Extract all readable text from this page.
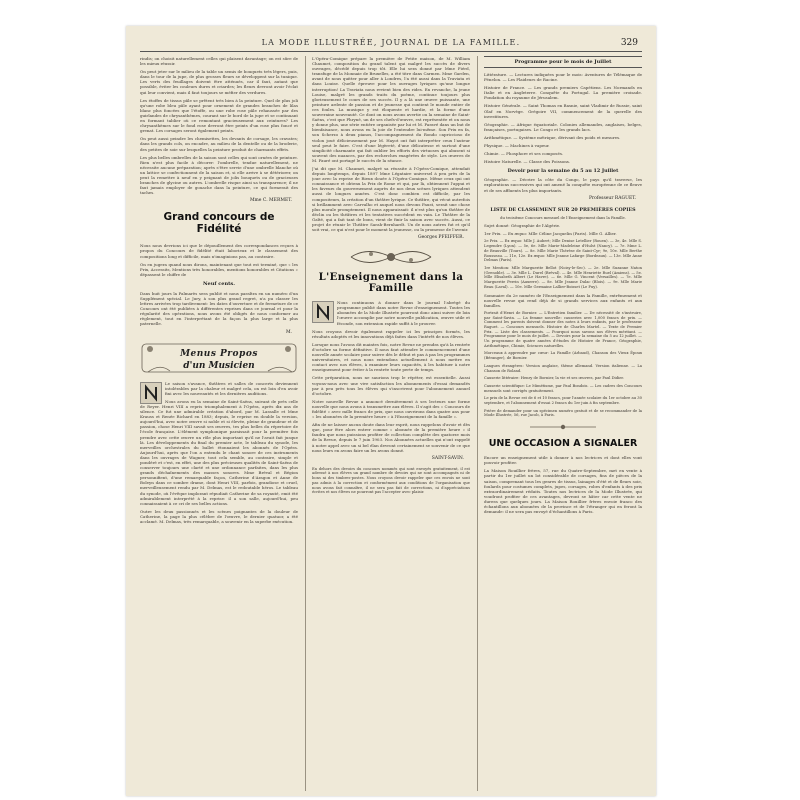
LA MODE ILLUSTRÉE, JOURNAL DE LA FAMILLE.	329

rindis; on choisit naturellement celles qui plaisent davantage; on est sûre de les mieux réussir.

On peut jeter sur le milieu de la table un semis de bouquets très légers, puis, dans le tour de la jupe, de plus grosses fleurs se développent sur la tunique. Les verts des feuillages doivent être atténués, car il faut, autant que possible, éviter les couleurs dures et criardes; les fleurs devront avoir l'éclat qui leur convient, mais il faut toujours se méfier des verdures.

Les étoffes de tissus pâle se prêtent très bien à la peinture. Quel de plus joli qu'une robe bleu pâle ayant pour ornement de grandes branches de lilas blanc plus foncées que l'étoffe, ou une robe rose pâle rehaussée par des guirlandes de chrysanthèmes, courant sur le bord de la jupe et se continuant en formant tablier où ce remontant gracieusement aux ceintures? Les chrysanthèmes sur le fond rose devront être peints d'un rose plus foncé et grenat. Les corsages seront également peints.

On peut aussi peindre les chemisettes, les devants de corsage, les cravates; dans les grands cols, on encadre, au milieu de la dentelle ou de la broderie, des petites de soie sur lesquelles la peinture produit de charmants effets.

Les plus belles ombrelles de la saison sont celles qui sont ornées de peinture. Rien n'est plus facile à décorer: l'ombrelle, tendue naturellement, ne nécessite aucune préparation; après s'être servie d'une ombrelle blanche où un lattice se confectionnent de la saison et, si elle arrive à se détériorer, on peut la remettre à neuf en y peignant de jolis bouquets ou de gracieuses branches de glycine ou autres. L'ombrelle risque ainsi sa transparence; il ne faut jamais employer de gouache dans la peinture, ce qui formerait des taches.

Mme C. MERMET.
Grand concours de Fidélité

Nous nous devrions ici que le dépouillement des correspondances reçues à propos du Concours de fidélité était laborieux et le classement des compositions long et difficile, mais n'imaginions pas, au contraire.

On en jugera quand nous dirons, maintenant que tout est terminé, que « les Prix, Accessits, Mentions très honorables, mentions honorables et Citations » dépassent le chiffre de

Neuf cents.

Dans huit jours la Palmarès sera publié et nous paraîtra en un numéro d'un Supplément spécial. Le Jury, à son plus grand regret, n'a pu classer les lettres arrivées trop tardivement: les dates d'ouverture et de fermeture de ce Concours ont été publiées à différentes reprises dans ce journal et pour la régularité des opérations, nous avons été obligés de nous conformer au règlement, tout en l'interprétant de la façon la plus large et la plus paternelle.

M.
Menus Propos
d'un Musicien

Le saison s'avance, théâtres et salles de concerts deviennent intolérables par la chaleur et malgré cela, on est loin d'en avoir fini avec les nouveautés et les dernières auditions.

Nous avons eu la semaine de Saint-Saëns, suivant de près celle de Reyer. Henri VIII a repris triomphalement à l'Opéra, après dix ans de silence. Ce fut une admirable création d'abord, par M. Lassalle et Mme Krauss et Renée Richard en 1883; depuis, le reprise en double la version, aujourd'hui, avec notre œuvre si noble et si élevée, pleine de grandeur et de passion, chose Henri VIII savait ses œuvres, tes plus belles du répertoire de l'école française. L'élément symphonique paraissait pour la première fois prendre avec cette œuvre un rôle plus important qu'il ne l'avait fait jusque là. Les développements du final du premier acte, le tableau du synode, les merveilles orchestrales du ballet étonnaient les abonnés de l'Opéra. Aujourd'hui, après que l'on a entendu le chant sonore de ces instruments dans les ouvrages de Wagner, tout cela semble, au contraire, simple et pondéré et c'est, en effet, une des plus précieuses qualités de Saint-Saëns de conserver toujours une clarté et une ordonnance parfaites, dans les plus grands déchaînements des masses sonores. Mme Bréval et Bégion personnifient, d'une remarquable façon, Catherine d'Aragon et Anne de Boleyn dans ce sombre drame, dont Henri VIII, parfois, grandiose et cruel, merveilleusement rendu par M. Delmas, est le redoutable héros. Le tableau du synode, où l'évêque implorant répudiait Catherine de sa royauté, emit été admirablement interprété à la reprise: il a son salle, aujourd'hui, peu connaissaient à ce cri de ses belles actions.

Outre les deux passionnés et les scènes poignantes de la douleur de Catherine, la page la plus célèbre de l'œuvre, le dernier quatuor, a été acclamé. M. Delmas, très remarquable, a souvenir en la superbe exécution.

L'Opéra-Comique prépare la première de Petite maison, de M. William Chaumet, composition du grand talent qui malgré les succès de divers ouvrages, décédé depuis trop tôt. Elle lui sera donné par Mme Fiérd, transfuge de la Monnaie de Bruxelles, a été titre dans Carmen. Mme Garden, avant de nous quitter pour aller à Londres, l'a été aussi dans la Traviata et dans Louise. Quelle épreuve pour les ouvrages lyriques qu'une longue interruption! La Traviata nous revient bien des rides. En revanche, la jeune Louise, malgré les grands traits du poème, continue toujours plus glorieusement le cours de ses succès. Il y a là une œuvre puissante, une peinture ardente de passion et de jeunesse qui contient le monde entier de ces foules. La musique y est éloquente et hardie, et la forme d'une souveraine nouveauté. Ce dont on nous avons avertie ou la semaine de Saint-Saëns, c'est que Phryné, un de ses chefs-d'œuvre, est représentée et on nous y donne plus, une série entière organisée par lui et M. Paravé dans un but de bienfaisance, nous avons eu la joie de l'entendre lui-même. Son Prix en fa, son Scherzo à deux pianos, l'accompagnement du Rondo capriccioso de violon joué délicieusement par M. Hayot ont fait interpréter ceux l'auteur seul peut le faire. C'est d'une légèreté, d'une délicatesse et surtout d'une simplicité charmante qui fait oublier les efforts des virtuoses qui abusent si souvent des nuances, par des recherches exagérées de style. Les œuvres de M. Fauré ont portagé le succès de la séance.

J'ai dit que M. Chaumet, malgré sa réussite à l'Opéra-Comique, attendait depuis longtemps, depuis 1897 Mme Légataire universel à peu près de la joue avec la reprise de Rieux douée à l'Opéra-Comique. Même ceux qui ont connaissance et obtenu la Prix de Rome et qui, par là, obtiennent l'appui et les faveurs du gouvernement auprès de nos deux scènes lyriques attendent aussi de longues années. C'est donc combien est difficile, par les compositeurs, la création d'un théâtre lyrique. Ce théâtre, qui vécut autrefois si brillamment avec Carvalho et auquel nous devons Faust, serait une chose plus morale promptement. Il nous apparaissait: il n'est plus qu'un théâtre de déclin ou les théâtres et les tentatives succèdent en vain. Le Théâtre de la Gaîté, qui a fait tant de bons, vient de finir la saison avec succès. Aussi, ce projet de réunir le Théâtre Sarah-Bernhardt. Un de nous autres fut et qu'il soit vrai, ce qui n'est pour le moment la jeunesse, ou la promesse de l'avenir.

Georges PFEIFFER.
L'Enseignement dans la Famille

Nous continuons à donner dans le journal l'abrégé du programme publié dans notre Revue d'enseignement. Toutes les abonnées de la Mode Illustrée pourront donc ainsi suivre de loin l'œuvre accomplie par notre nouvelle publication, œuvre utile et féconde, son extension rapide suffit à le prouver.

Nous croyons devoir également rappeler ici les principes formés, les résultats adoptés et les innovations déjà faites dans l'intérêt de nos élèves.

Lorsque nous l'avons dit maintes fois, notre Revue ne prendra qu'à la rentrée d'octobre sa forme définitive. Il nous faut attendre le commencement d'une nouvelle année scolaire pour suivre dès le début et pas à pas les programmes universitaires, et nous nous entendons actuellement à nous mettre en contact avec nos élèves, à examiner leurs capacités, à les habituer à notre enseignement pour éviter à la rentrée toute perte de temps.

Cette préparation, nous ne saurions trop le répéter, est essentielle. Aussi voyons-nous avec une vive satisfaction les abonnements d'essai demandés par à peu près tous les élèves qui s'inscrivent pour l'abonnement annuel d'octobre.

Notre nouvelle Revue a annoncé dernièrement à ses lecteurs une forme nouvelle que nous avons à transmettre aux élèves. Il s'agit des « Concours de fidélité » avec mille francs de prix, que nous ouvrirons dans quatre ans pour « les abonnées de la première heure » à l'Enseignement de la famille ».

Afin de ne laisser aucun doute dans leur esprit, nous rappelons d'avoir et dès que, pour être alors entrer comme « abonnée de la première heure » il faudra que nous puissions profiter de collection complète des quatorze mois de la Revue, depuis le 7 juin 1903. Nos Abonnées actuelles qui n'ont rappelé à notre appel avec un si bel élan devront certainement se souvenir de ce que nous leurs en avons faire un les avons donné.

SAINT-SAVIN.

En dehors des devoirs du concours nommés qui sont envoyés gratuitement, il est adressé à nos élèves un grand nombre de devoirs qui ne sont accompagnés ni de bons ni des timbres-postes. Nous croyons devoir rappeler que ces envois ne sont pas admis à la correction et conformément aux conditions de l'organisation que nous avons fait connaître, il ne sera pas fait de corrections, ni d'appréciations écrites et nos élèves ne pourront pas l'accepter avec plaisir.

Programme pour le mois de Juillet

Littérature. — Lectures indiquées pour le mois: Aventures de Télémaque de Fénelon. — Les Plaideurs de Racine.

Histoire de France. — Les grands premiers Capétiens. Les Normands en Italie et en Angleterre. Conquête du Portugal. La première croisade. Fondation du royaume de Jérusalem.

Histoire Générale. — Saint Thomas en Basnie, saint Vladimir de Russie, saint Olaf en Norvège. Grégoire VII, commencement de la querelle des investitures.

Géographie. — Afrique équatoriale. Colonies allemandes, anglaises, belges, françaises, portugaises. Le Congo et les grands lacs.

Arithmétique. — Système métrique, dérivant des poids et mesures.

Physique. — Machines à vapeur.

Chimie. — Phosphore et ses composés.

Histoire Naturelle. — Classe des Poissons.

Devoir pour la semaine du 5 au 12 Juillet

Géographie. — Décrire la côte du Congo, le pays qu'il traverse, les explorations successives qui ont amené la conquête européenne de ce fleuve et de ses affluents les plus importants.

Professeur RAGUET.
LISTE DE CLASSEMENT SUR 20 PREMIÈRES COPIES

du troisième Concours mensuel de l'Enseignement dans la Famille.

Sujet donné: Géographie de l'Algérie.

1er Prix. — Ex æquo: Mlle Céline Jacquelin (Paris). Mlle G. Allier.

2e Prix. — Ex æquo: Mlle J. Aubert; Mlle Denise Letellier (Rouen). — 3e, 4e. Mlle S. Legendre (Lyon). — 5e, 6e. Mlle Marie-Madeleine d'Hulst (Nancy). — 7e. Mme L. de Beauville (Tours). — 8e. Mlle Marie Thérèse de Saint-Cyr; 9e, 10e. Mlle Berthe Rousseau. — 11e, 12e. Ex æquo: Mlle Jeanne Lafarge (Bordeaux). — 13e. Mlle Anne Delmas (Paris).

1re Mention: Mlle Marguerite Bellot (Noisy-le-Sec). — 2e. Mlle Suzanne Naton (Grenoble). — 3e. Mlle L. Durel (Bréval). — 4e. Mlle Henriette Ruel (Amiens). — 5e. Mlle Elisabeth Albert (Le Havre). — 6e. Mlle G. Vincent (Versailles). — 7e. Mlle Marguerite Perrin (Auxerre). — 8e. Mlle Jeanne Dulac (Blois). — 9e. Mlle Marie Beau (Laval). — 10e. Mlle Germaine Lallier-Boisset (Le Puy).

Sommaire du 2e numéro de l'Enseignement dans la Famille, extrêmement et nouvelle revue qui rend déjà de si grands services aux enfants et aux familles.

Portrait d'Henri de Bornier. — L'Entretien familier. — De nécessité de s'instruire, par Saint-Savin. — La femme nouvelle: causeries avec 1,000 francs de prix. — Comment les parents doivent donner des notes à leurs enfants, par le professeur Raguet. — Concours mensuels. Histoire de Charles Martel. — Texte de Premier Prix. — Liste des classements. — Pourquoi nous savons nos élèves méritant. — Programme pour le mois de juillet. — Devoirs pour la semaine du 5 au 12 juillet. — Un programme de quatre années d'études de Histoire de France, Géographie, Arithmétique, Chimie, Sciences naturelles.

Morceaux à apprendre par cœur: La Famille (Arbaud), Chanson des Vieux Époux (Béranger), de Bornier.

Langues étrangères: Version anglaise, thème allemand. Version italienne. — La Chanson de Roland.

Causerie littéraire: Henry de Bornier, la vie et ses œuvres, par Paul Didier.

Causerie scientifique: Le Mimétisme, par Paul Bondois. — Les cadres des Concours mensuels sont corrigés gratuitement.

Le prix de la Revue est de 6 et 10 francs, pour l'année scolaire du 1er octobre au 30 septembre, et l'abonnement d'essai 2 francs du 1er juin à fin septembre.

Prière de demander pour un spécimen numéro gratuit et de se recommander de la Mode Illustrée, 56, rue Jacob, à Paris.

UNE OCCASION A SIGNALER

Encore un enseignement utile à donner à nos lectrices et dont elles vont pouvoir profiter.

La Maison Rouillier frères, 57, rue du Quatre-Septembre, met en vente à partir du 1er juillet un lot considérable de corsages, fins de pièces de la saison, comprenant tous les genres de tissus, lainages d'été et de fleurs soie, foulards pour costumes complets, jupes, corsages, robes d'enfants à des prix extraordinairement réduits. Toutes nos lectrices de la Mode Illustrée, qui voudront profiter de ces avantages, devront se hâter car cette vente ne durera que quelques jours. La Maison Rouillier frères envoie franco des échantillons aux abonnées de la province et de l'étranger qui en feront la demande: il ne sera pas envoyé d'échantillons à Paris.
